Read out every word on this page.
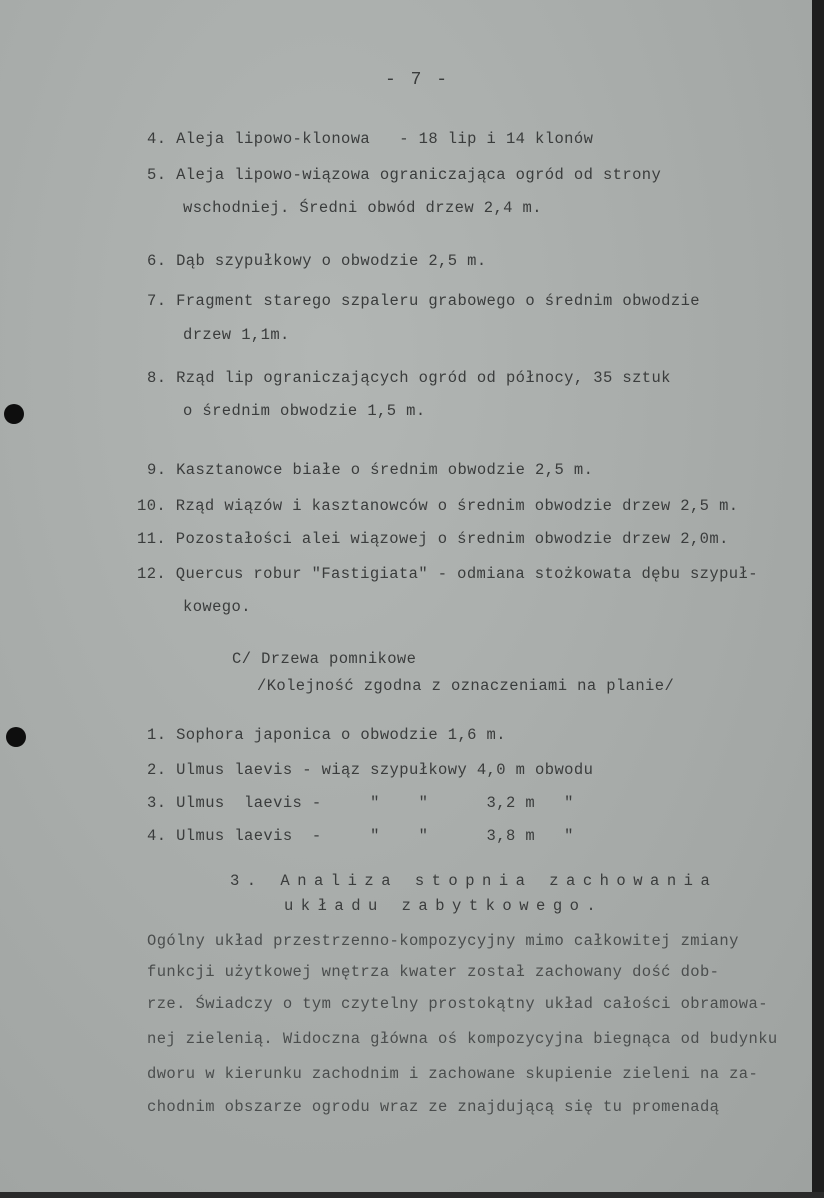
- 7 -
4. Aleja lipowo-klonowa   - 18 lip i 14 klonów
5. Aleja lipowo-wiązowa ograniczająca ogród od strony
wschodniej. Średni obwód drzew 2,4 m.
6. Dąb szypułkowy o obwodzie 2,5 m.
7. Fragment starego szpaleru grabowego o średnim obwodzie
drzew 1,1m.
8. Rząd lip ograniczających ogród od północy, 35 sztuk
o średnim obwodzie 1,5 m.
9. Kasztanowce białe o średnim obwodzie 2,5 m.
10. Rząd wiązów i kasztanowców o średnim obwodzie drzew 2,5 m.
11. Pozostałości alei wiązowej o średnim obwodzie drzew 2,0m.
12. Quercus robur "Fastigiata" - odmiana stożkowata dębu szypuł-
kowego.
C/ Drzewa pomnikowe
/Kolejność zgodna z oznaczeniami na planie/
1. Sophora japonica o obwodzie 1,6 m.
2. Ulmus laevis - wiąz szypułkowy 4,0 m obwodu
3. Ulmus  laevis -     "    "      3,2 m   "
4. Ulmus laevis  -     "    "      3,8 m   "
3. Analiza stopnia zachowania
układu zabytkowego.
Ogólny układ przestrzenno-kompozycyjny mimo całkowitej zmiany
funkcji użytkowej wnętrza kwater został zachowany dość dob-
rze. Świadczy o tym czytelny prostokątny układ całości obramowa-
nej zielenią. Widoczna główna oś kompozycyjna biegnąca od budynku
dworu w kierunku zachodnim i zachowane skupienie zieleni na za-
chodnim obszarze ogrodu wraz ze znajdującą się tu promenadą
